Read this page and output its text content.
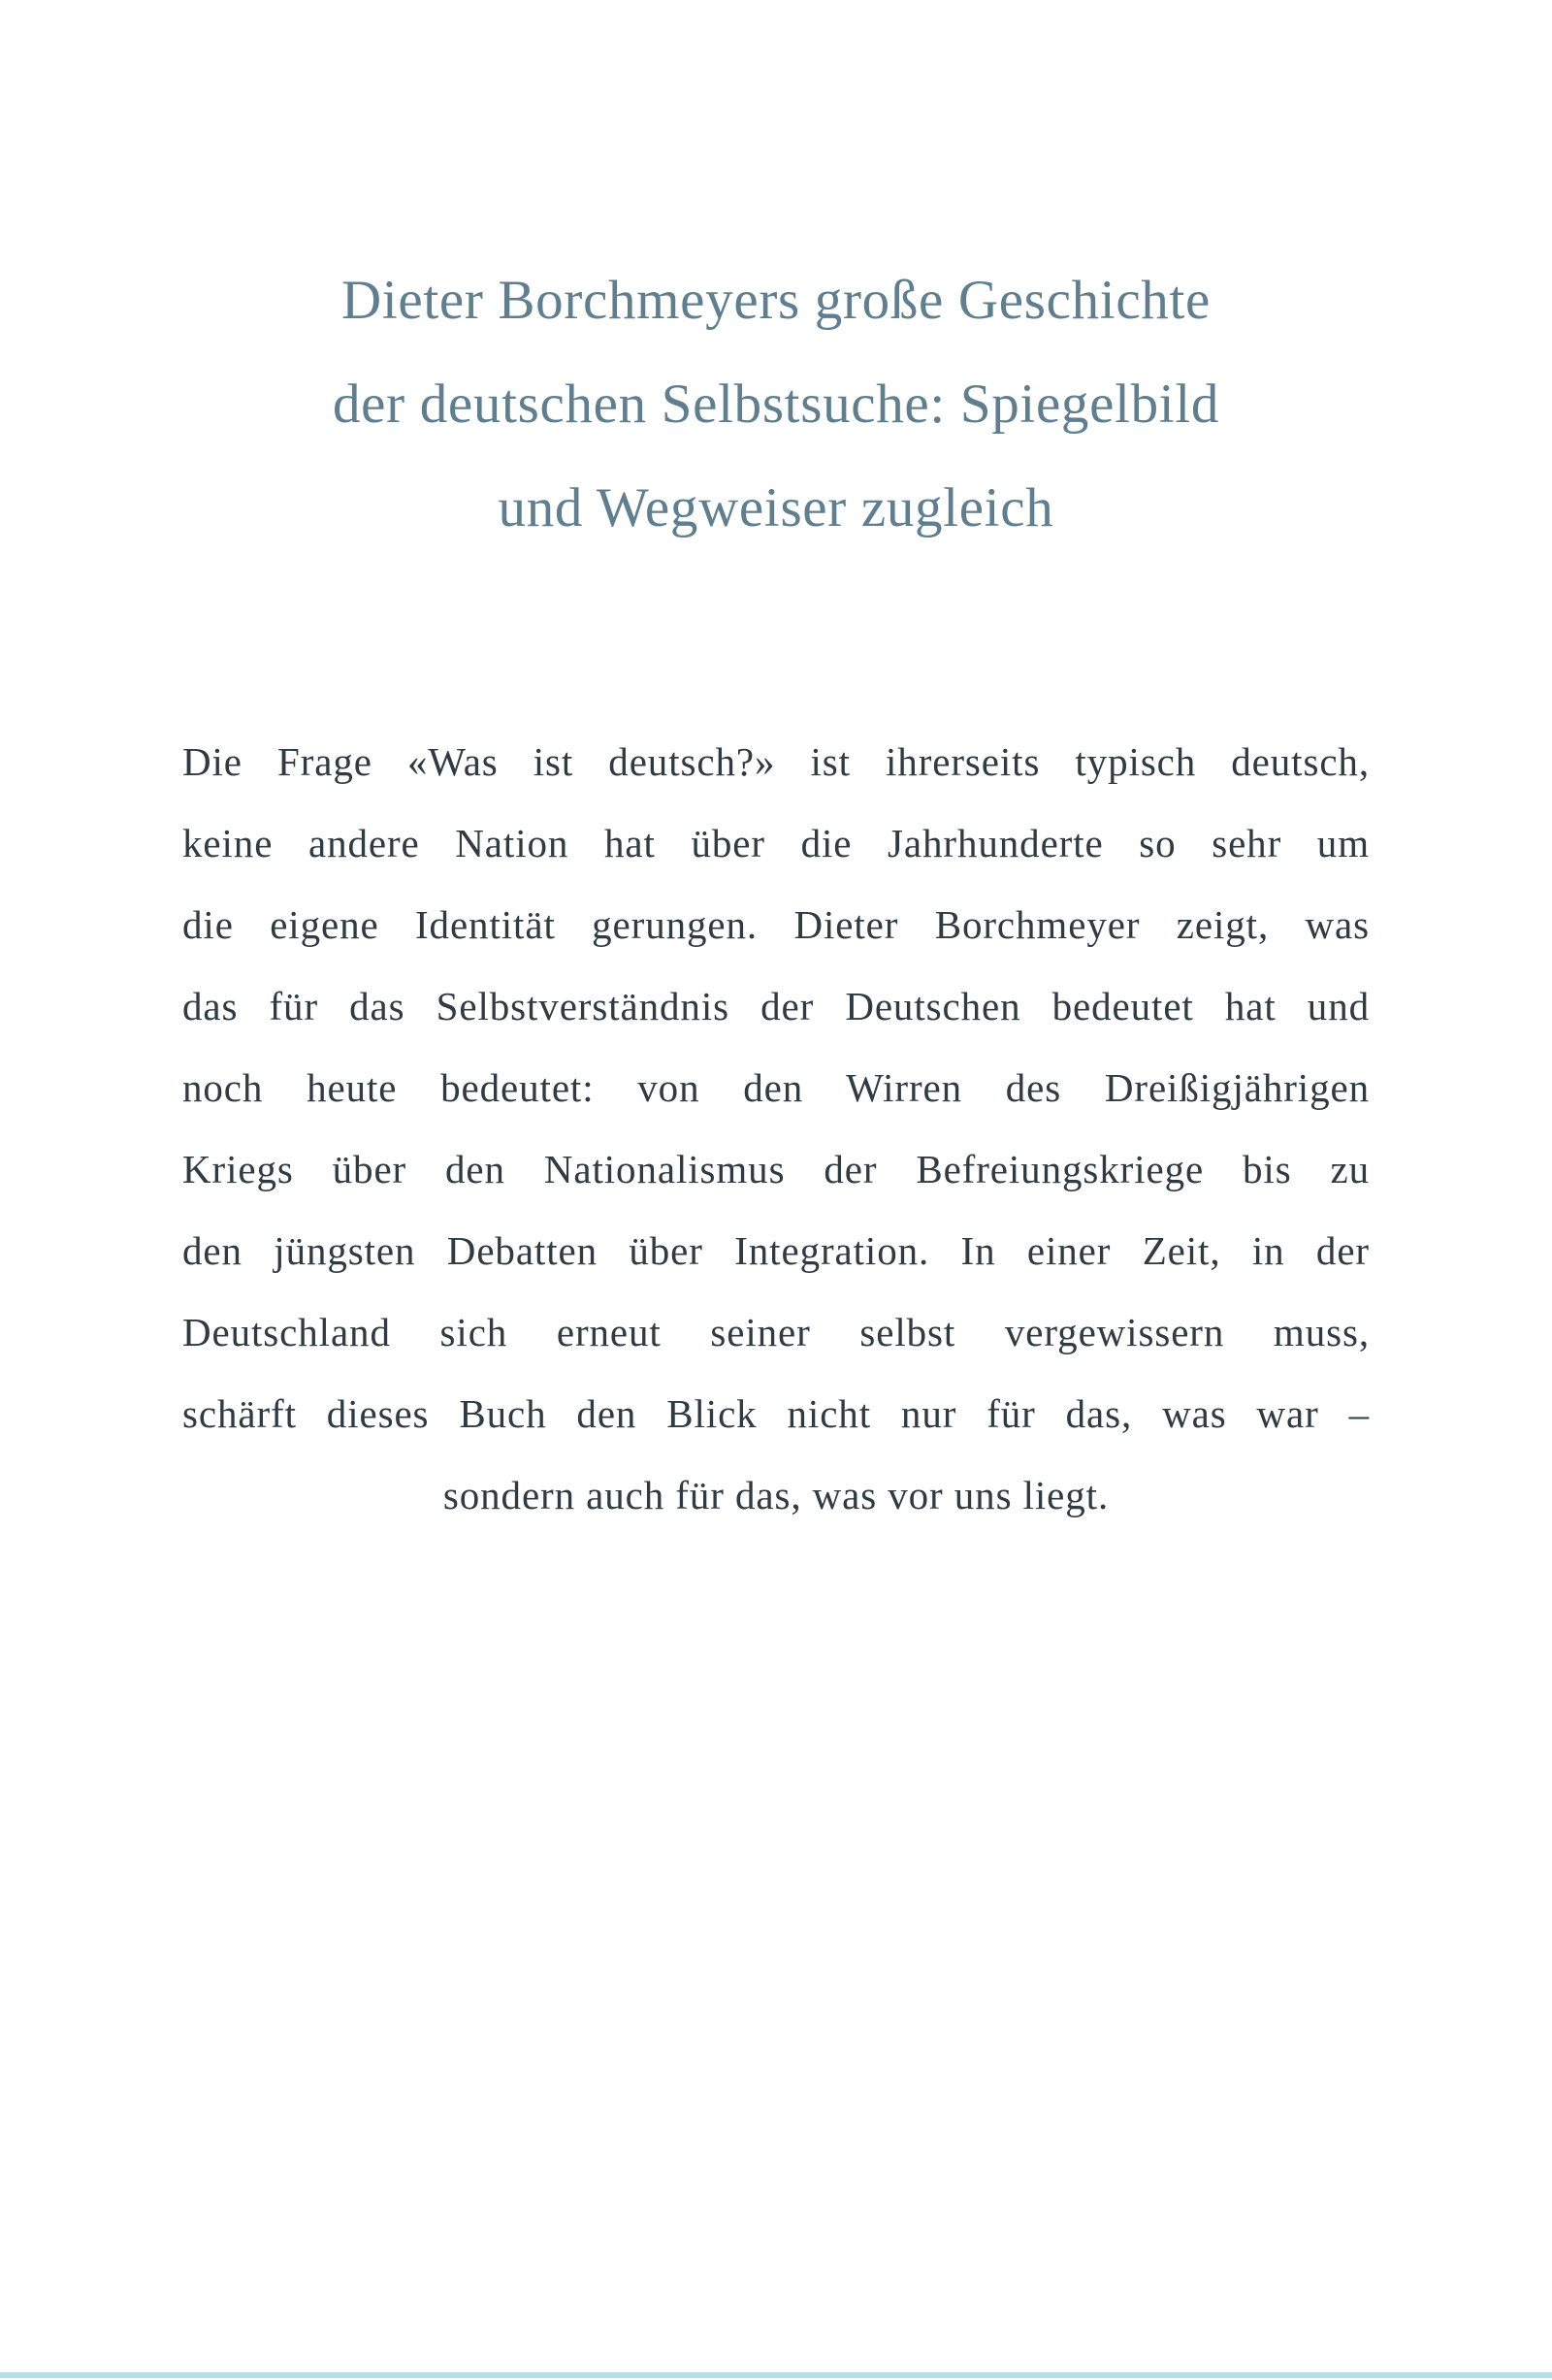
Dieter Borchmeyers große Geschichte
der deutschen Selbstsuche: Spiegelbild
und Wegweiser zugleich
Die Frage «Was ist deutsch?» ist ihrerseits typisch deutsch,
keine andere Nation hat über die Jahrhunderte so sehr um
die eigene Identität gerungen. Dieter Borchmeyer zeigt, was
das für das Selbstverständnis der Deutschen bedeutet hat und
noch heute bedeutet: von den Wirren des Dreißigjährigen
Kriegs über den Nationalismus der Befreiungskriege bis zu
den jüngsten Debatten über Integration. In einer Zeit, in der
Deutschland sich erneut seiner selbst vergewissern muss,
schärft dieses Buch den Blick nicht nur für das, was war –
sondern auch für das, was vor uns liegt.
